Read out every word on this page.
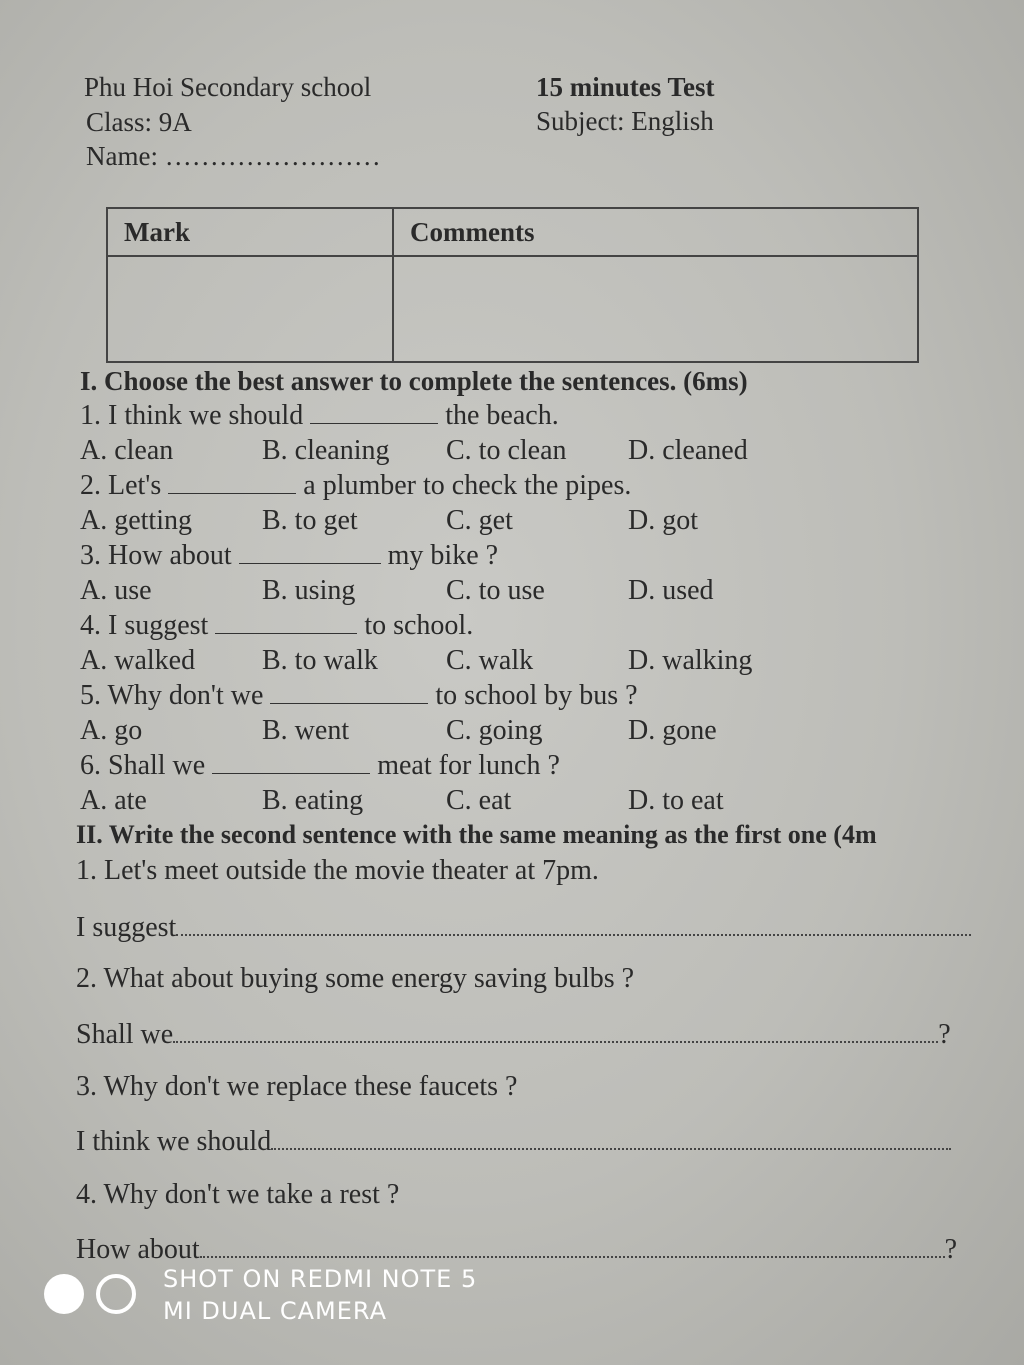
Phu Hoi Secondary school
Class: 9A
Name: ……………………
15 minutes Test
Subject: English
Mark	Comments

I. Choose the best answer to complete the sentences. (6ms)
1. I think we should	the beach.
A. clean	B. cleaning C. to clean D. cleaned
2. Let's	a plumber to check the pipes.
A. getting	B. to get	C. get	D. got
3. How about	my bike ?
A. use	B. using	C. to use	D. used
4. I suggest	to school.
A. walked B. to walk C. walk	D. walking
5. Why don't we	to school by bus ?
A. go	B. went	C. going	D. gone
6. Shall we	meat for lunch ?
A. ate	B. eating	C. eat	D. to eat
II. Write the second sentence with the same meaning as the first one (4m
1. Let's meet outside the movie theater at 7pm.
I suggest
2. What about buying some energy saving bulbs ?
Shall we	?
3. Why don't we replace these faucets ?
I think we should
4. Why don't we take a rest ?
How about	?
SHOT ON REDMI NOTE 5
MI DUAL CAMERA
